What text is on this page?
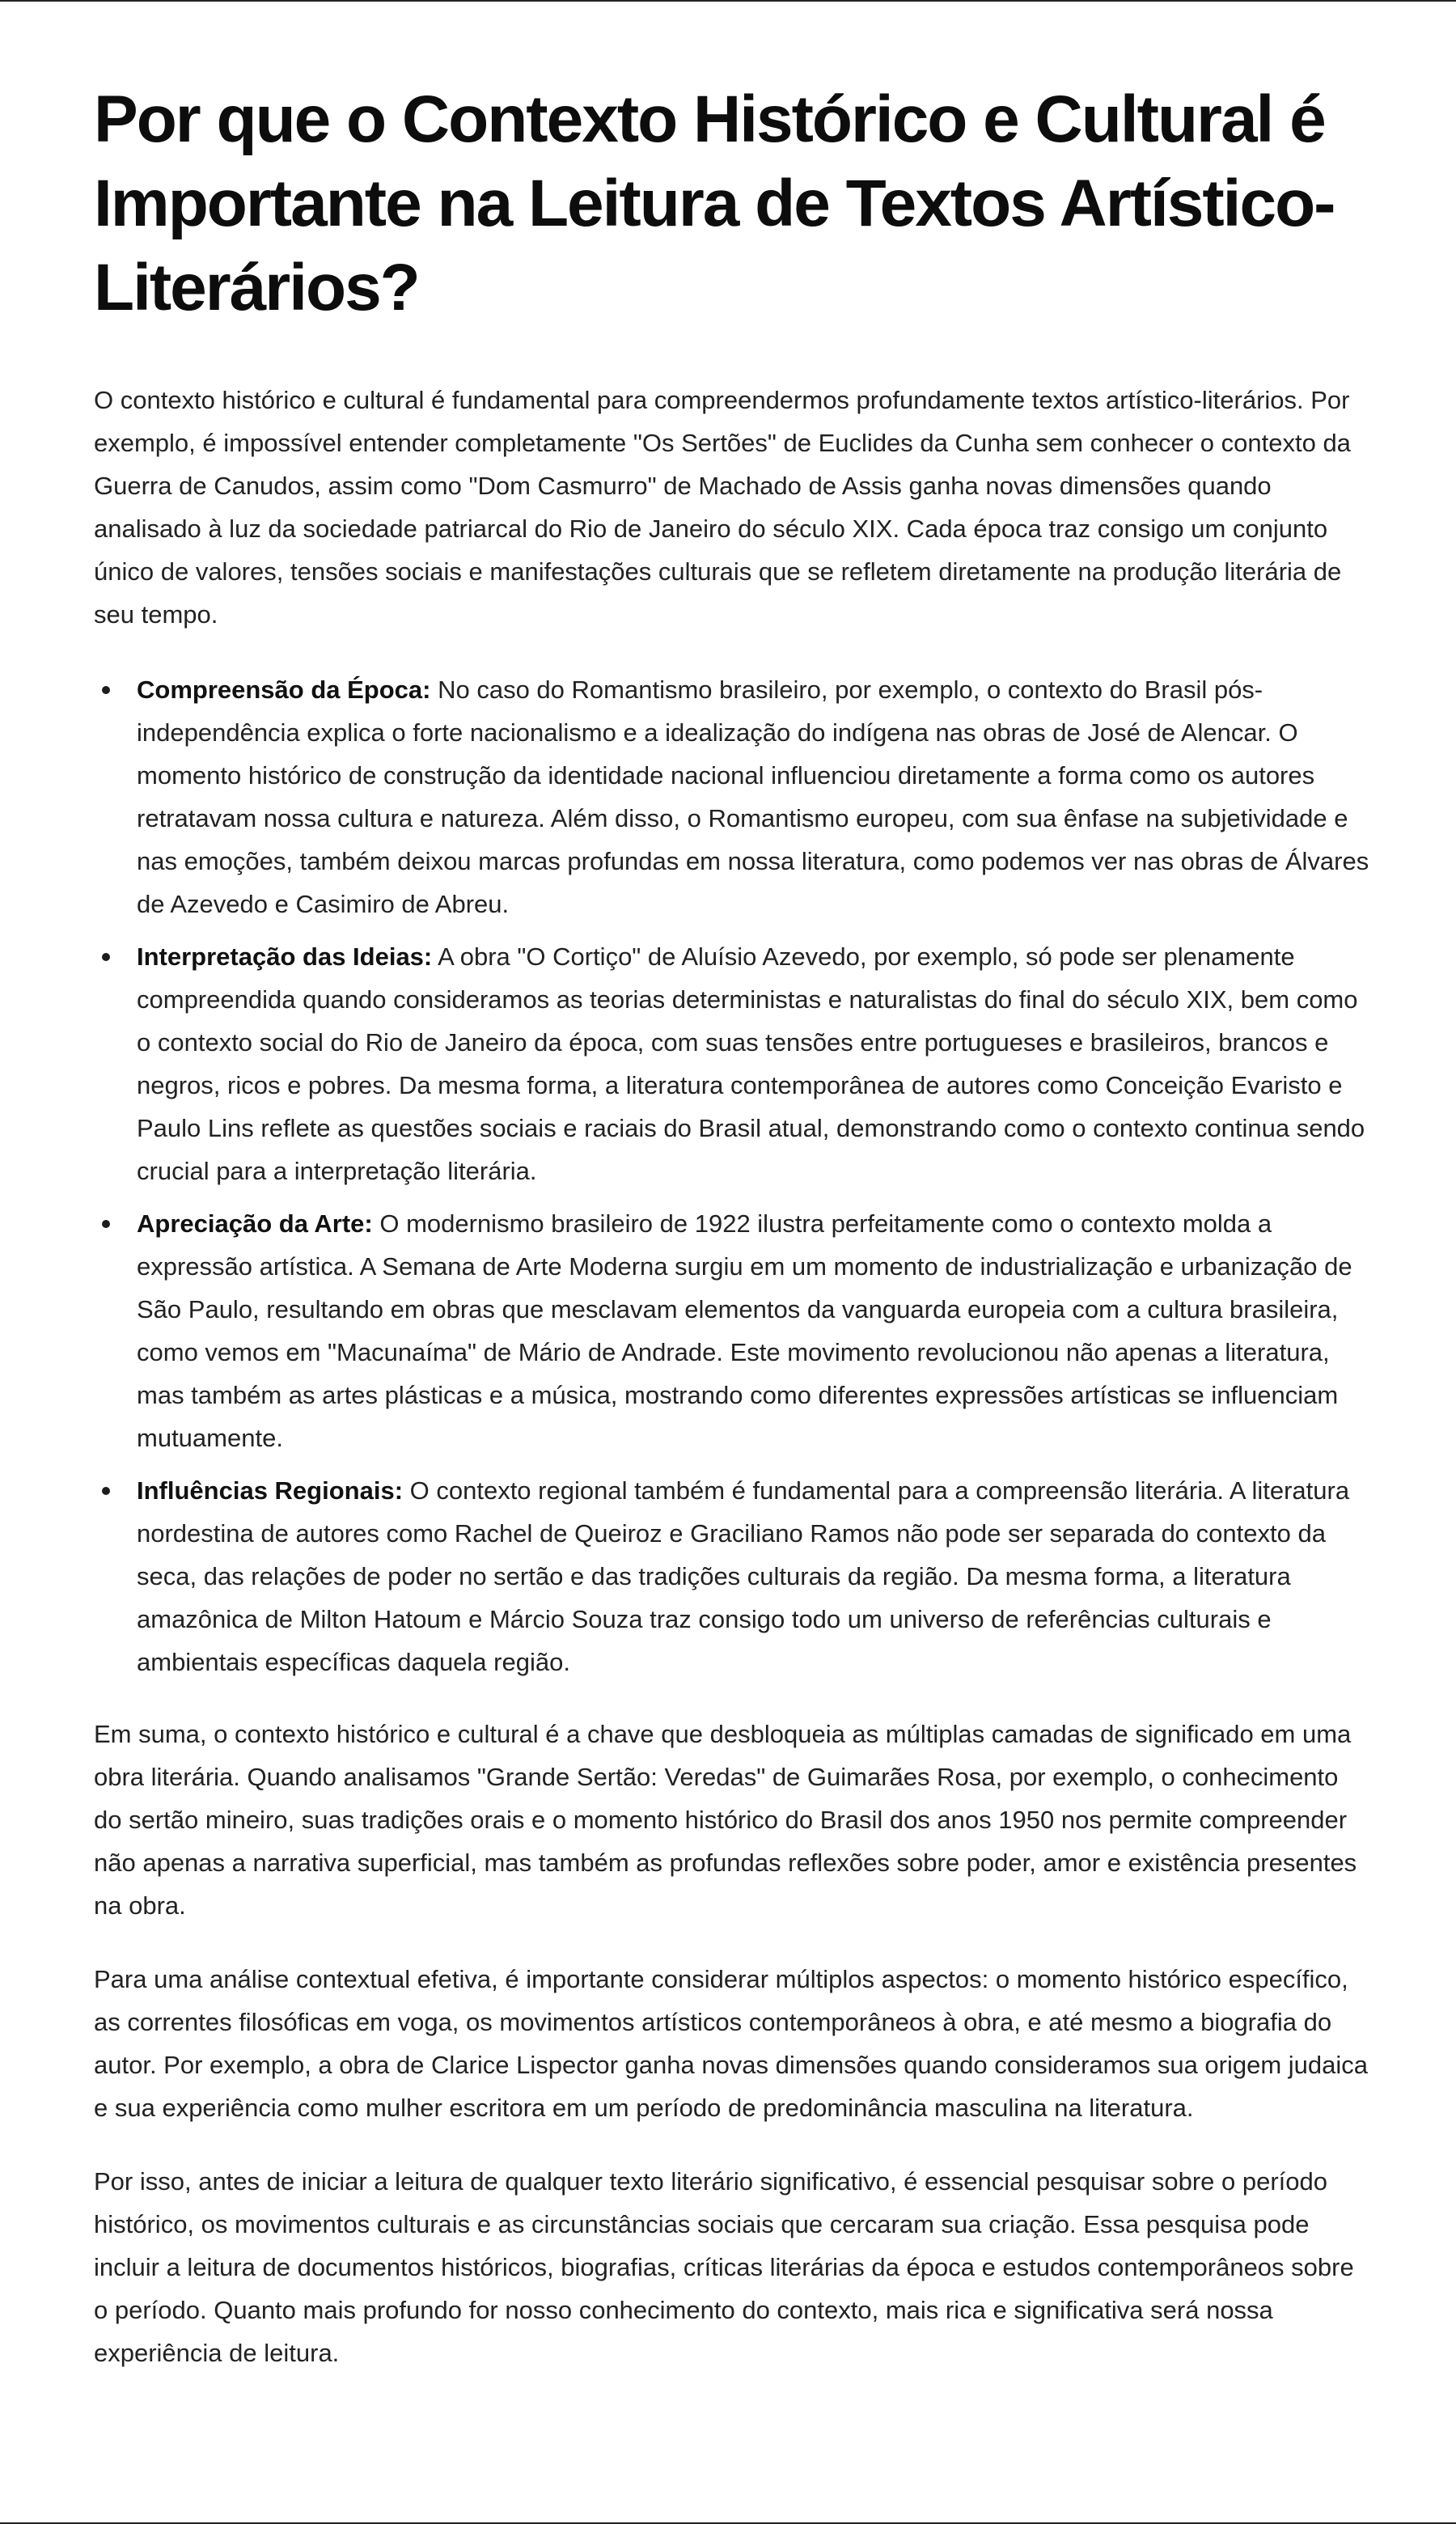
Por que o Contexto Histórico e Cultural é Importante na Leitura de Textos Artístico-Literários?

O contexto histórico e cultural é fundamental para compreendermos profundamente textos artístico-literários. Por exemplo, é impossível entender completamente "Os Sertões" de Euclides da Cunha sem conhecer o contexto da Guerra de Canudos, assim como "Dom Casmurro" de Machado de Assis ganha novas dimensões quando analisado à luz da sociedade patriarcal do Rio de Janeiro do século XIX. Cada época traz consigo um conjunto único de valores, tensões sociais e manifestações culturais que se refletem diretamente na produção literária de seu tempo.

Compreensão da Época: No caso do Romantismo brasileiro, por exemplo, o contexto do Brasil pós-independência explica o forte nacionalismo e a idealização do indígena nas obras de José de Alencar. O momento histórico de construção da identidade nacional influenciou diretamente a forma como os autores retratavam nossa cultura e natureza. Além disso, o Romantismo europeu, com sua ênfase na subjetividade e nas emoções, também deixou marcas profundas em nossa literatura, como podemos ver nas obras de Álvares de Azevedo e Casimiro de Abreu.
Interpretação das Ideias: A obra "O Cortiço" de Aluísio Azevedo, por exemplo, só pode ser plenamente compreendida quando consideramos as teorias deterministas e naturalistas do final do século XIX, bem como o contexto social do Rio de Janeiro da época, com suas tensões entre portugueses e brasileiros, brancos e negros, ricos e pobres. Da mesma forma, a literatura contemporânea de autores como Conceição Evaristo e Paulo Lins reflete as questões sociais e raciais do Brasil atual, demonstrando como o contexto continua sendo crucial para a interpretação literária.
Apreciação da Arte: O modernismo brasileiro de 1922 ilustra perfeitamente como o contexto molda a expressão artística. A Semana de Arte Moderna surgiu em um momento de industrialização e urbanização de São Paulo, resultando em obras que mesclavam elementos da vanguarda europeia com a cultura brasileira, como vemos em "Macunaíma" de Mário de Andrade. Este movimento revolucionou não apenas a literatura, mas também as artes plásticas e a música, mostrando como diferentes expressões artísticas se influenciam mutuamente.
Influências Regionais: O contexto regional também é fundamental para a compreensão literária. A literatura nordestina de autores como Rachel de Queiroz e Graciliano Ramos não pode ser separada do contexto da seca, das relações de poder no sertão e das tradições culturais da região. Da mesma forma, a literatura amazônica de Milton Hatoum e Márcio Souza traz consigo todo um universo de referências culturais e ambientais específicas daquela região.

Em suma, o contexto histórico e cultural é a chave que desbloqueia as múltiplas camadas de significado em uma obra literária. Quando analisamos "Grande Sertão: Veredas" de Guimarães Rosa, por exemplo, o conhecimento do sertão mineiro, suas tradições orais e o momento histórico do Brasil dos anos 1950 nos permite compreender não apenas a narrativa superficial, mas também as profundas reflexões sobre poder, amor e existência presentes na obra.

Para uma análise contextual efetiva, é importante considerar múltiplos aspectos: o momento histórico específico, as correntes filosóficas em voga, os movimentos artísticos contemporâneos à obra, e até mesmo a biografia do autor. Por exemplo, a obra de Clarice Lispector ganha novas dimensões quando consideramos sua origem judaica e sua experiência como mulher escritora em um período de predominância masculina na literatura.

Por isso, antes de iniciar a leitura de qualquer texto literário significativo, é essencial pesquisar sobre o período histórico, os movimentos culturais e as circunstâncias sociais que cercaram sua criação. Essa pesquisa pode incluir a leitura de documentos históricos, biografias, críticas literárias da época e estudos contemporâneos sobre o período. Quanto mais profundo for nosso conhecimento do contexto, mais rica e significativa será nossa experiência de leitura.
